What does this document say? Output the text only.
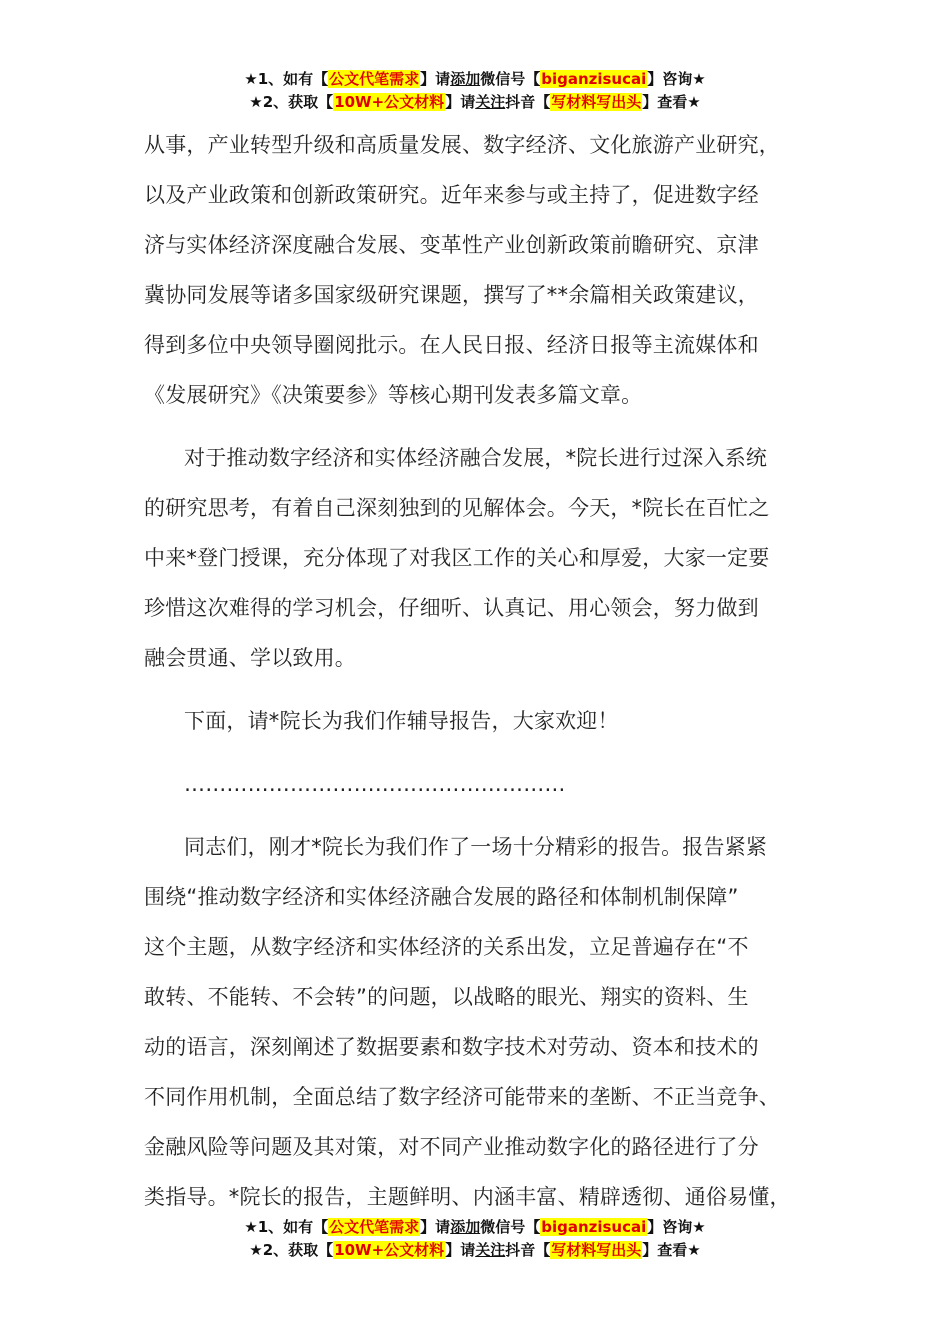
★1、如有【公文代笔需求】请添加微信号【biganzisucai】咨询★
★2、获取【10W+公文材料】请关注抖音【写材料写出头】查看★
从事，产业转型升级和高质量发展、数字经济、文化旅游产业研究，
以及产业政策和创新政策研究。近年来参与或主持了，促进数字经
济与实体经济深度融合发展、变革性产业创新政策前瞻研究、京津
冀协同发展等诸多国家级研究课题，撰写了**余篇相关政策建议，
得到多位中央领导圈阅批示。在人民日报、经济日报等主流媒体和
《发展研究》《决策要参》等核心期刊发表多篇文章。
对于推动数字经济和实体经济融合发展，*院长进行过深入系统
的研究思考，有着自己深刻独到的见解体会。今天，*院长在百忙之
中来*登门授课，充分体现了对我区工作的关心和厚爱，大家一定要
珍惜这次难得的学习机会，仔细听、认真记、用心领会，努力做到
融会贯通、学以致用。
下面，请*院长为我们作辅导报告，大家欢迎！
………………………………………………
同志们，刚才*院长为我们作了一场十分精彩的报告。报告紧紧
围绕“推动数字经济和实体经济融合发展的路径和体制机制保障”
这个主题，从数字经济和实体经济的关系出发，立足普遍存在“不
敢转、不能转、不会转”的问题，以战略的眼光、翔实的资料、生
动的语言，深刻阐述了数据要素和数字技术对劳动、资本和技术的
不同作用机制，全面总结了数字经济可能带来的垄断、不正当竞争、
金融风险等问题及其对策，对不同产业推动数字化的路径进行了分
类指导。*院长的报告，主题鲜明、内涵丰富、精辟透彻、通俗易懂，
★1、如有【公文代笔需求】请添加微信号【biganzisucai】咨询★
★2、获取【10W+公文材料】请关注抖音【写材料写出头】查看★
